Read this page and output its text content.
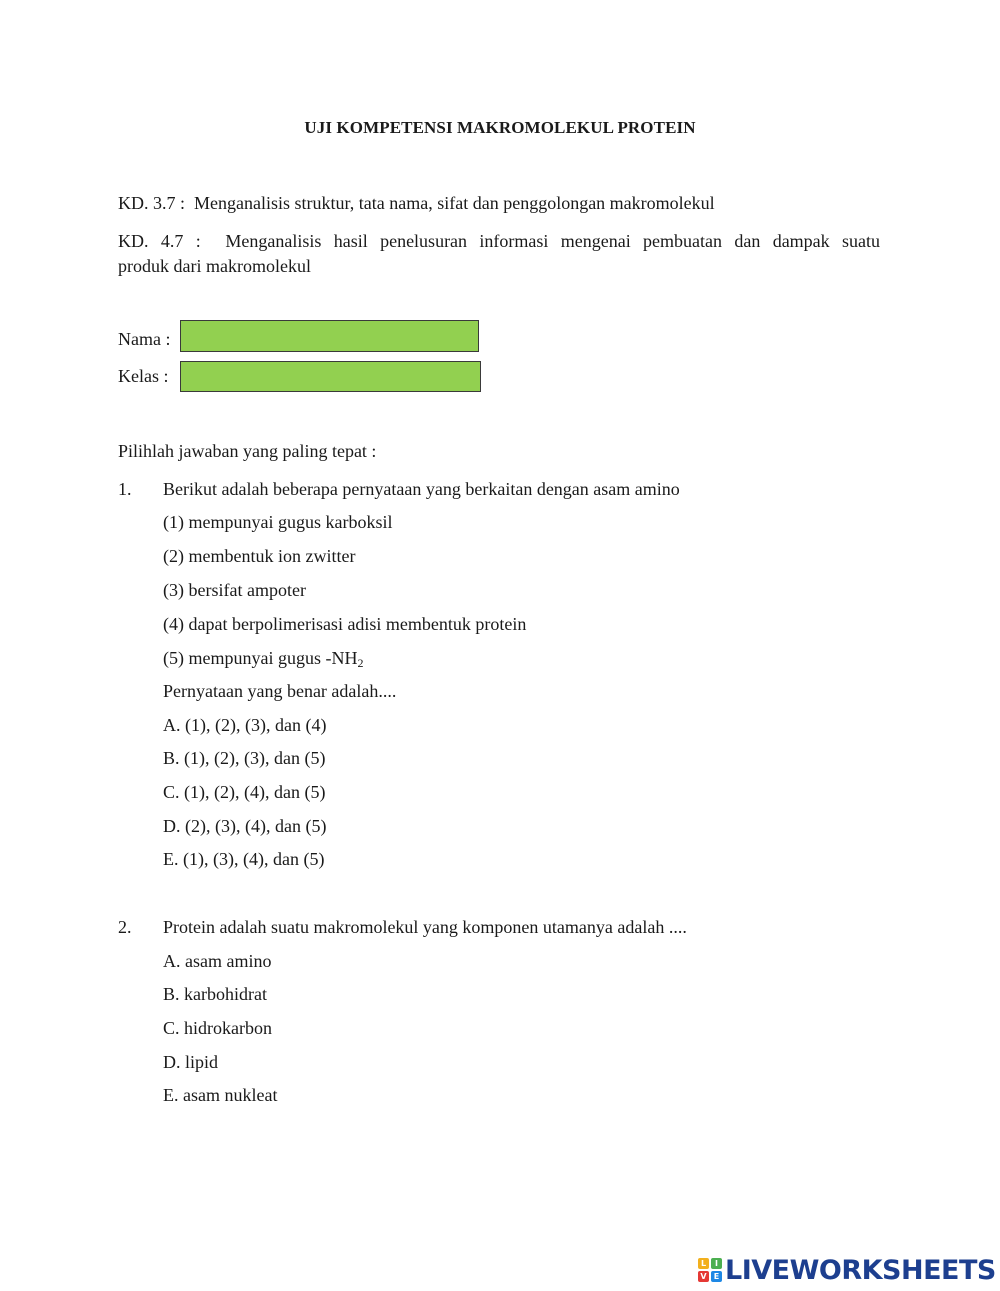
UJI KOMPETENSI MAKROMOLEKUL PROTEIN
KD. 3.7 : Menganalisis struktur, tata nama, sifat dan penggolongan makromolekul
KD. 4.7 : Menganalisis hasil penelusuran informasi mengenai pembuatan dan dampak suatu
produk dari makromolekul
Nama :
Kelas :
Pilihlah jawaban yang paling tepat :
1. Berikut adalah beberapa pernyataan yang berkaitan dengan asam amino
(1) mempunyai gugus karboksil
(2) membentuk ion zwitter
(3) bersifat ampoter
(4) dapat berpolimerisasi adisi membentuk protein
(5) mempunyai gugus $-NH_2$
Pernyataan yang benar adalah....
A. (1), (2), (3), dan (4)
B. (1), (2), (3), dan (5)
C. (1), (2), (4), dan (5)
D. (2), (3), (4), dan (5)
E. (1), (3), (4), dan (5)
2. Protein adalah suatu makromolekul yang komponen utamanya adalah ....
A. asam amino
B. karbohidrat
C. hidrokarbon
D. lipid
E. asam nukleat
L	I
V E LIVEWORKSHEETS
